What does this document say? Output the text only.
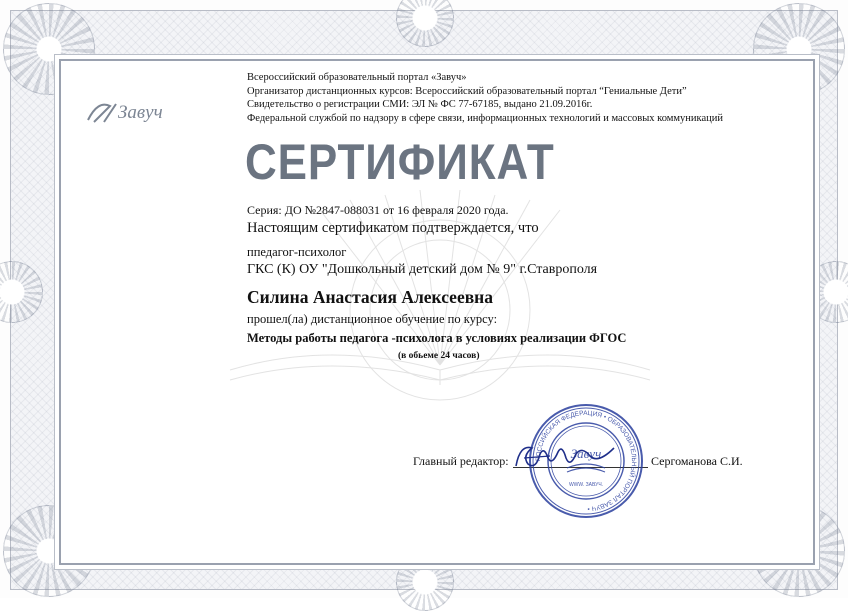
Завуч
Всероссийский образовательный портал «Завуч»
Организатор дистанционных курсов: Всероссийский образовательный портал “Гениальные Дети”
Свидетельство о регистрации СМИ: ЭЛ № ФС 77-67185, выдано 21.09.2016г.
Федеральной службой по надзору в сфере связи, информационных технологий и массовых коммуникаций
СЕРТИФИКАТ
Серия: ДО №2847-088031 от 16 февраля 2020 года.
Настоящим сертификатом подтверждается, что
ппедагог-психолог
ГКС (К) ОУ "Дошкольный детский дом № 9" г.Ставрополя
Силина Анастасия Алексеевна
прошел(ла) дистанционное обучение по курсу:
Методы работы педагога -психолога в условиях реализации ФГОС
(в обьеме 24 часов)
Главный редактор:	Сергоманова С.И.
РОССИЙСКАЯ ФЕДЕРАЦИЯ • ОБРАЗОВАТЕЛЬНЫЙ ПОРТАЛ ЗАВУЧ •
Завуч
WWW. ЗАВУЧ.
